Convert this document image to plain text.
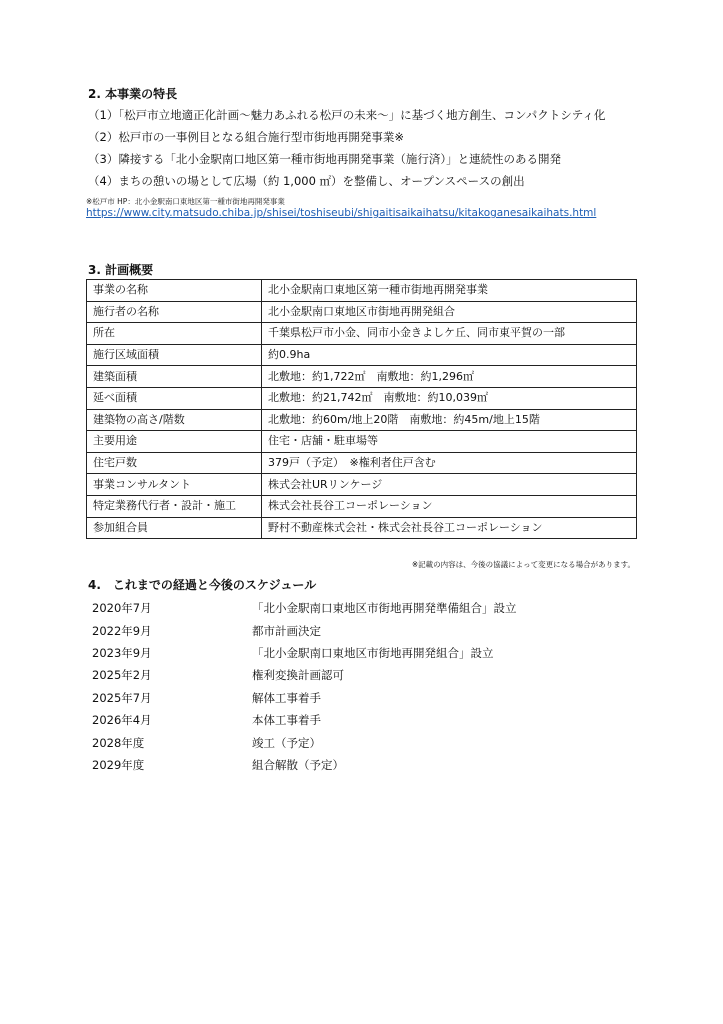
2. 本事業の特長
（1）「松戸市立地適正化計画～魅力あふれる松戸の未来～」に基づく地方創生、コンパクトシティ化
（2）松戸市の一事例目となる組合施行型市街地再開発事業※
（3）隣接する「北小金駅南口地区第一種市街地再開発事業（施行済）」と連続性のある開発
（4）まちの憩いの場として広場（約 1,000 ㎡）を整備し、オープンスペースの創出
※松戸市 HP：北小金駅南口東地区第一種市街地再開発事業
https://www.city.matsudo.chiba.jp/shisei/toshiseubi/shigaitisaikaihatsu/kitakoganesaikaihats.html
3. 計画概要
事業の名称	北小金駅南口東地区第一種市街地再開発事業
施行者の名称	北小金駅南口東地区市街地再開発組合
所在	千葉県松戸市小金、同市小金きよしケ丘、同市東平賀の一部
施行区域面積	約0.9ha
建築面積	北敷地：約1,722㎡　南敷地：約1,296㎡
延べ面積	北敷地：約21,742㎡　南敷地：約10,039㎡
建築物の高さ/階数	北敷地：約60m/地上20階　南敷地：約45m/地上15階
主要用途	住宅・店舗・駐車場等
住宅戸数	379戸（予定）　※権利者住戸含む
事業コンサルタント	株式会社URリンケージ
特定業務代行者・設計・施工	株式会社長谷工コーポレーション
参加組合員	野村不動産株式会社・株式会社長谷工コーポレーション
※記載の内容は、今後の協議によって変更になる場合があります。
4.　これまでの経過と今後のスケジュール
2020年7月	「北小金駅南口東地区市街地再開発準備組合」設立
2022年9月	都市計画決定
2023年9月	「北小金駅南口東地区市街地再開発組合」設立
2025年2月	権利変換計画認可
2025年7月	解体工事着手
2026年4月	本体工事着手
2028年度	竣工（予定）
2029年度	組合解散（予定）
